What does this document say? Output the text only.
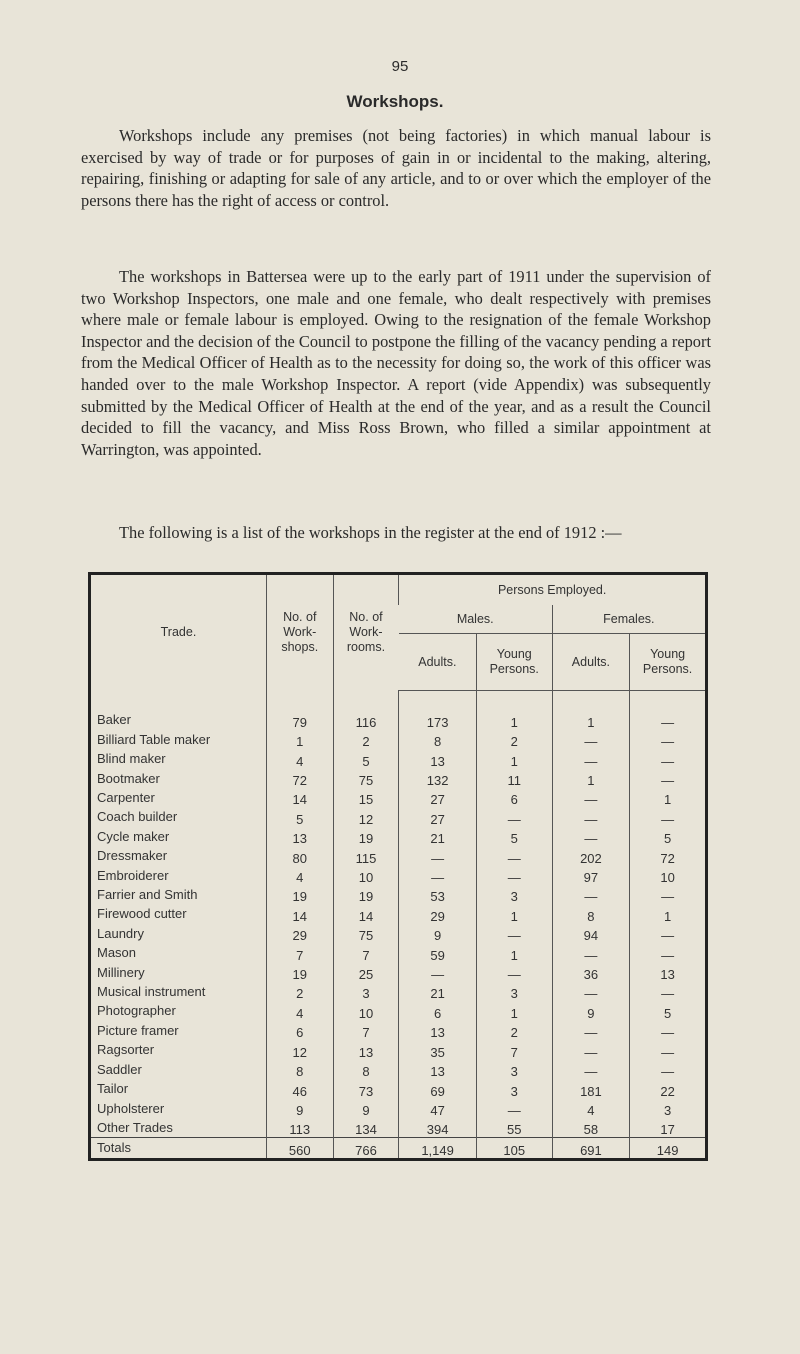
95
Workshops.

Workshops include any premises (not being factories) in which manual labour is exercised by way of trade or for purposes of gain in or incidental to the making, altering, repairing, finishing or adapting for sale of any article, and to or over which the employer of the persons there has the right of access or control.

The workshops in Battersea were up to the early part of 1911 under the supervision of two Workshop Inspectors, one male and one female, who dealt respectively with premises where male or female labour is employed. Owing to the resignation of the female Workshop Inspector and the decision of the Council to postpone the filling of the vacancy pending a report from the Medical Officer of Health as to the necessity for doing so, the work of this officer was handed over to the male Workshop Inspector. A report (vide Appendix) was subsequently submitted by the Medical Officer of Health at the end of the year, and as a result the Council decided to fill the vacancy, and Miss Ross Brown, who filled a similar appointment at Warrington, was appointed.

The following is a list of the workshops in the register at the end of 1912 :—

Trade.	No. of Work-shops.	No. of Work-rooms.	Persons Employed.			
			Males.		Females.	
			Adults.	Young Persons.	Adults.	Young Persons.

Baker	79	116	173	1	1	—
Billiard Table maker	1	2	8	2	—	—
Blind maker	4	5	13	1	—	—
Bootmaker	72	75	132	11	1	—
Carpenter	14	15	27	6	—	1
Coach builder	5	12	27	—	—	—
Cycle maker	13	19	21	5	—	5
Dressmaker	80	115	—	—	202	72
Embroiderer	4	10	—	—	97	10
Farrier and Smith	19	19	53	3	—	—
Firewood cutter	14	14	29	1	8	1
Laundry	29	75	9	—	94	—
Mason	7	7	59	1	—	—
Millinery	19	25	—	—	36	13
Musical instrument	2	3	21	3	—	—
Photographer	4	10	6	1	9	5
Picture framer	6	7	13	2	—	—
Ragsorter	12	13	35	7	—	—
Saddler	8	8	13	3	—	—
Tailor	46	73	69	3	181	22
Upholsterer	9	9	47	—	4	3
Other Trades	113	134	394	55	58	17
Totals	560	766	1,149	105	691	149
